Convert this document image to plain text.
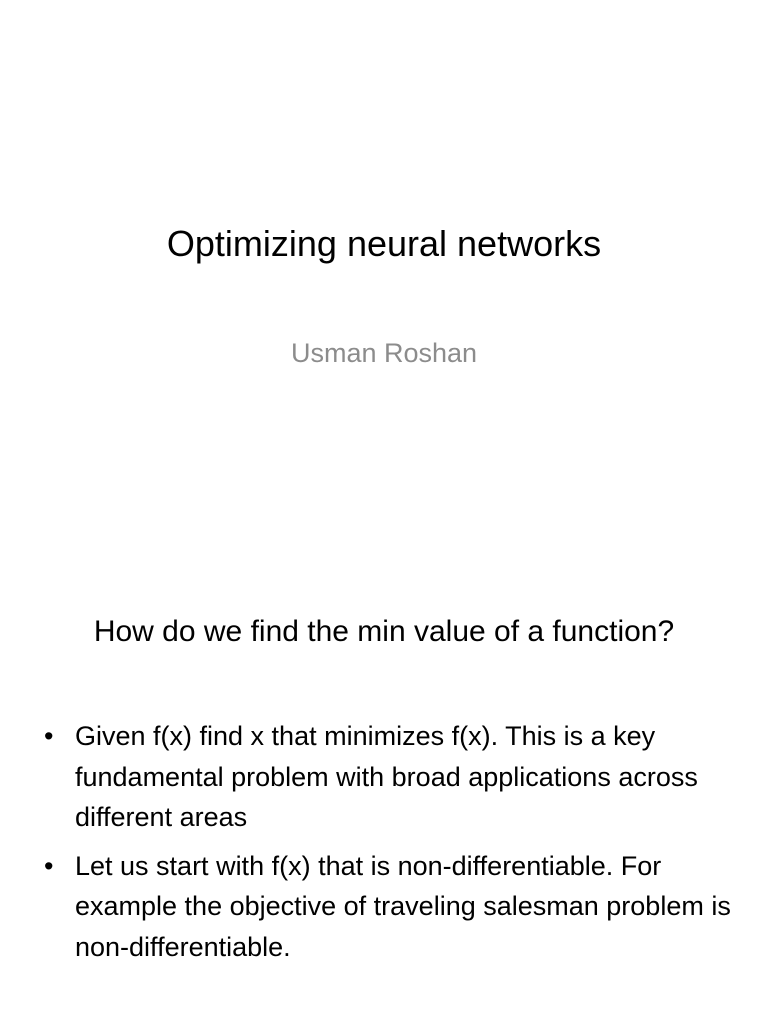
Optimizing neural networks
Usman Roshan
How do we find the min value of a function?
• Given f(x) find x that minimizes f(x). This is a key fundamental problem with broad applications across different areas
• Let us start with f(x) that is non-differentiable. For example the objective of traveling salesman problem is non-differentiable.
